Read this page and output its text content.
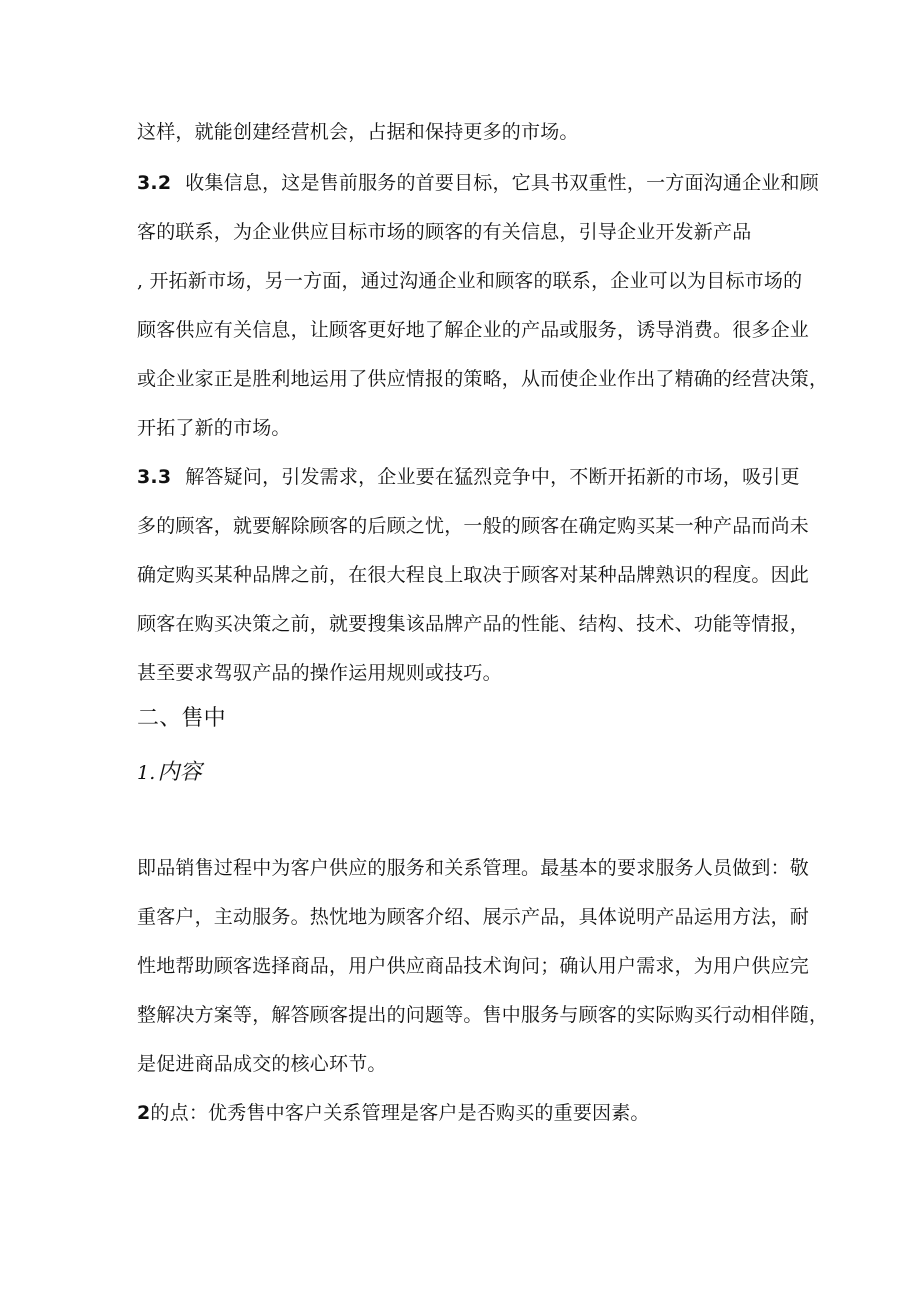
这样，就能创建经营机会，占据和保持更多的市场。
3.2 收集信息，这是售前服务的首要目标，它具书双重性，一方面沟通企业和顾
客的联系，为企业供应目标市场的顾客的有关信息，引导企业开发新产品
, 开拓新市场，另一方面，通过沟通企业和顾客的联系，企业可以为目标市场的
顾客供应有关信息，让顾客更好地了解企业的产品或服务，诱导消费。很多企业
或企业家正是胜利地运用了供应情报的策略，从而使企业作出了精确的经营决策，
开拓了新的市场。
3.3 解答疑问，引发需求，企业要在猛烈竞争中，不断开拓新的市场，吸引更
多的顾客，就要解除顾客的后顾之忧，一般的顾客在确定购买某一种产品而尚未
确定购买某种品牌之前，在很大程良上取决于顾客对某种品牌熟识的程度。因此
顾客在购买决策之前，就要搜集该品牌产品的性能、结构、技术、功能等情报，
甚至要求驾驭产品的操作运用规则或技巧。
二、售中
1.内容
即品销售过程中为客户供应的服务和关系管理。最基本的要求服务人员做到：敬
重客户，主动服务。热忱地为顾客介绍、展示产品，具体说明产品运用方法，耐
性地帮助顾客选择商品，用户供应商品技术询问；确认用户需求，为用户供应完
整解决方案等，解答顾客提出的问题等。售中服务与顾客的实际购买行动相伴随，
是促进商品成交的核心环节。
2的点：优秀售中客户关系管理是客户是否购买的重要因素。
